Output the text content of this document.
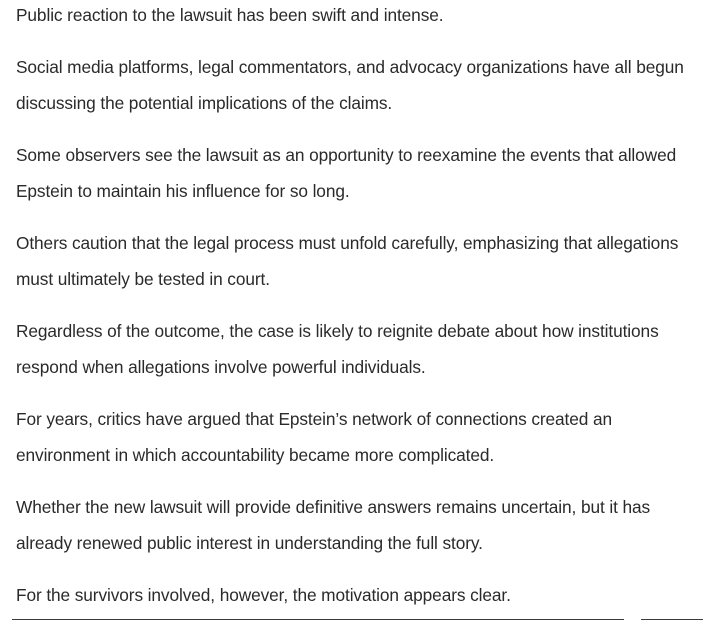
Public reaction to the lawsuit has been swift and intense.

Social media platforms, legal commentators, and advocacy organizations have all begun discussing the potential implications of the claims.

Some observers see the lawsuit as an opportunity to reexamine the events that allowed Epstein to maintain his influence for so long.

Others caution that the legal process must unfold carefully, emphasizing that allegations must ultimately be tested in court.

Regardless of the outcome, the case is likely to reignite debate about how institutions respond when allegations involve powerful individuals.

For years, critics have argued that Epstein’s network of connections created an environment in which accountability became more complicated.

Whether the new lawsuit will provide definitive answers remains uncertain, but it has already renewed public interest in understanding the full story.

For the survivors involved, however, the motivation appears clear.
